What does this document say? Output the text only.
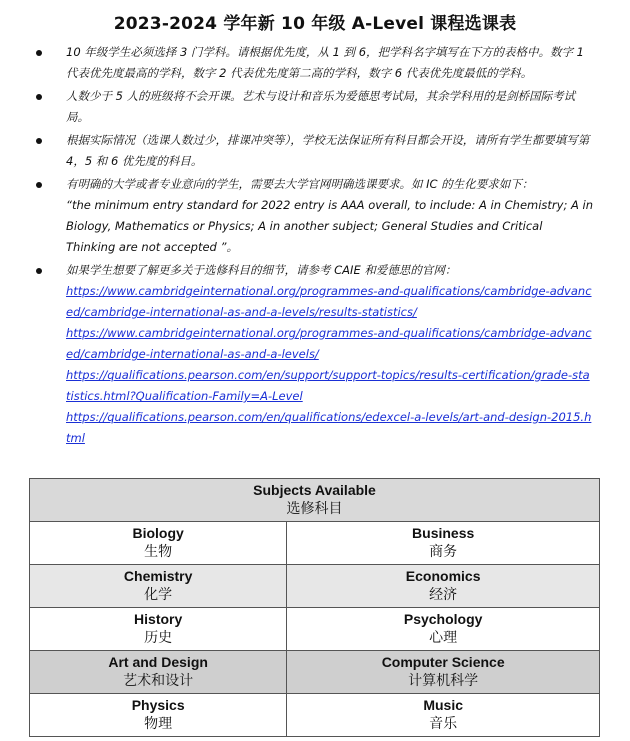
2023-2024 学年新 10 年级 A-Level 课程选课表
10 年级学生必须选择 3 门学科。请根据优先度，从 1 到 6，把学科名字填写在下方的表格中。数字 1 代表优先度最高的学科，数字 2 代表优先度第二高的学科，数字 6 代表优先度最低的学科。
人数少于 5 人的班级将不会开课。艺术与设计和音乐为爱德思考试局，其余学科用的是剑桥国际考试局。
根据实际情况（选课人数过少，排课冲突等），学校无法保证所有科目都会开设，请所有学生都要填写第 4，5 和 6 优先度的科目。
有明确的大学或者专业意向的学生，需要去大学官网明确选课要求。如 IC 的生化要求如下：
“the minimum entry standard for 2022 entry is AAA overall, to include: A in Chemistry; A in Biology, Mathematics or Physics; A in another subject; General Studies and Critical Thinking are not accepted ”。
如果学生想要了解更多关于选修科目的细节，请参考 CAIE 和爱德思的官网：
https://www.cambridgeinternational.org/programmes-and-qualifications/cambridge-advanced/cambridge-international-as-and-a-levels/results-statistics/
https://www.cambridgeinternational.org/programmes-and-qualifications/cambridge-advanced/cambridge-international-as-and-a-levels/
https://qualifications.pearson.com/en/support/support-topics/results-certification/grade-statistics.html?Qualification-Family=A-Level
https://qualifications.pearson.com/en/qualifications/edexcel-a-levels/art-and-design-2015.html
Subjects Available
选修科目	

Biology
生物	Business
商务

Chemistry
化学	Economics
经济

History
历史	Psychology
心理

Art and Design
艺术和设计	Computer Science
计算机科学

Physics
物理	Music
音乐
